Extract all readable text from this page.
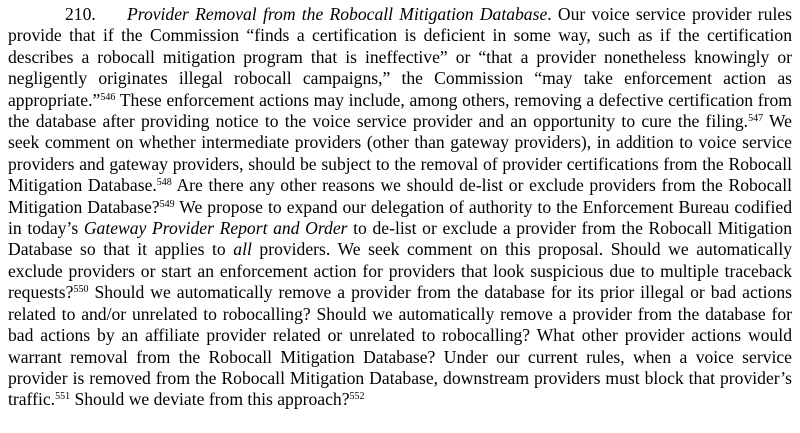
210. Provider Removal from the Robocall Mitigation Database. Our voice service provider rules provide that if the Commission “finds a certification is deficient in some way, such as if the certification describes a robocall mitigation program that is ineffective” or “that a provider nonetheless knowingly or negligently originates illegal robocall campaigns,” the Commission “may take enforcement action as appropriate.”$^{546}$ These enforcement actions may include, among others, removing a defective certification from the database after providing notice to the voice service provider and an opportunity to cure the filing.$^{547}$ We seek comment on whether intermediate providers (other than gateway providers), in addition to voice service providers and gateway providers, should be subject to the removal of provider certifications from the Robocall Mitigation Database.$^{548}$ Are there any other reasons we should de-list or exclude providers from the Robocall Mitigation Database?$^{549}$ We propose to expand our delegation of authority to the Enforcement Bureau codified in today’s Gateway Provider Report and Order to de-list or exclude a provider from the Robocall Mitigation Database so that it applies to all providers. We seek comment on this proposal. Should we automatically exclude providers or start an enforcement action for providers that look suspicious due to multiple traceback requests?$^{550}$ Should we automatically remove a provider from the database for its prior illegal or bad actions related to and/or unrelated to robocalling? Should we automatically remove a provider from the database for bad actions by an affiliate provider related or unrelated to robocalling? What other provider actions would warrant removal from the Robocall Mitigation Database? Under our current rules, when a voice service provider is removed from the Robocall Mitigation Database, downstream providers must block that provider’s traffic.$^{551}$ Should we deviate from this approach?$^{552}$
